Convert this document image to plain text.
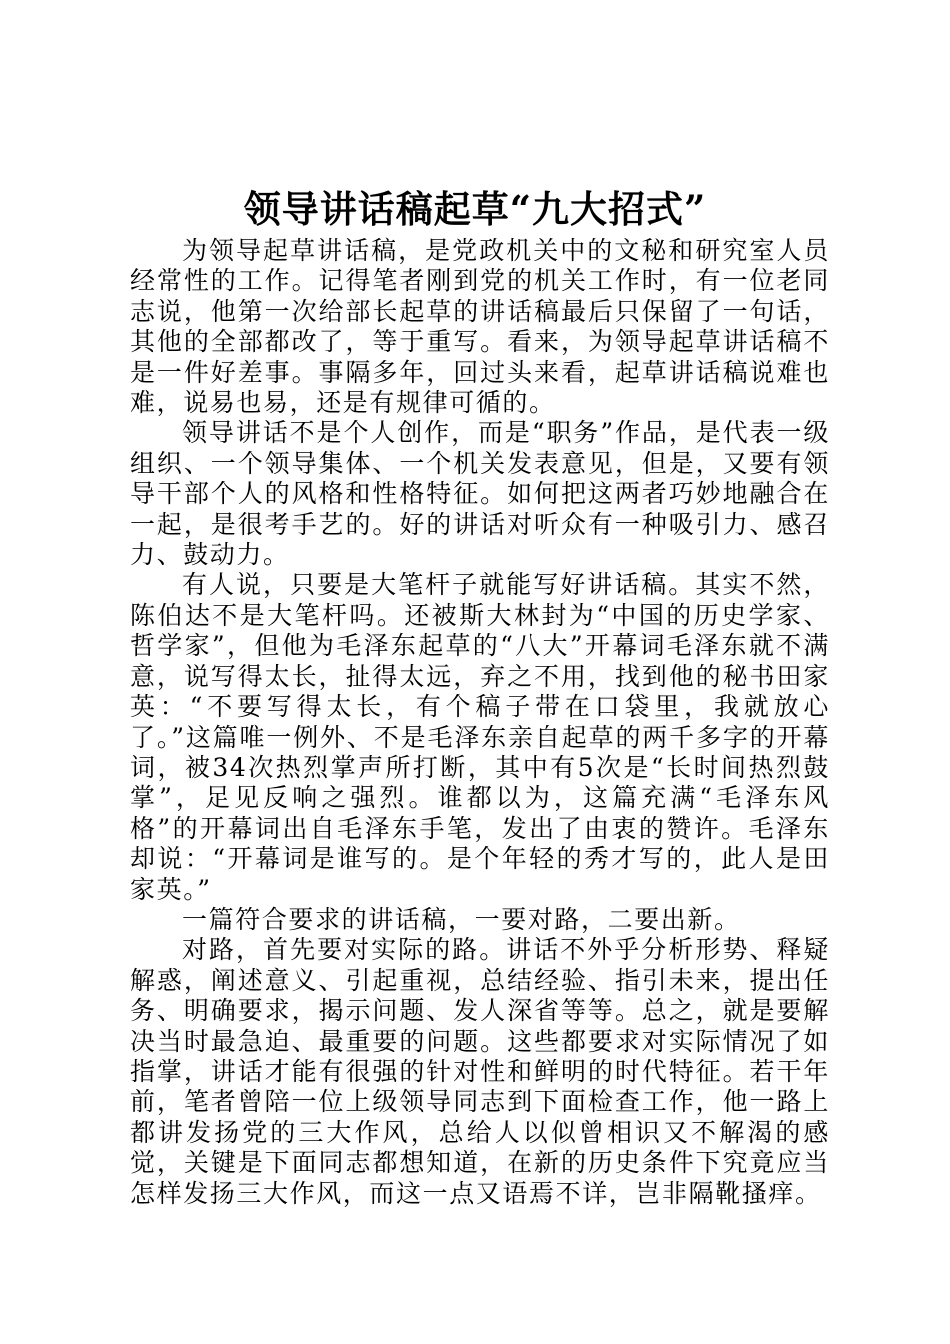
领导讲话稿起草“九大招式”

为领导起草讲话稿，是党政机关中的文秘和研究室人员经常性的工作。记得笔者刚到党的机关工作时，有一位老同志说，他第一次给部长起草的讲话稿最后只保留了一句话，其他的全部都改了，等于重写。看来，为领导起草讲话稿不是一件好差事。事隔多年，回过头来看，起草讲话稿说难也难，说易也易，还是有规律可循的。

领导讲话不是个人创作，而是“职务”作品，是代表一级组织、一个领导集体、一个机关发表意见，但是，又要有领导干部个人的风格和性格特征。如何把这两者巧妙地融合在一起，是很考手艺的。好的讲话对听众有一种吸引力、感召力、鼓动力。

有人说，只要是大笔杆子就能写好讲话稿。其实不然，陈伯达不是大笔杆吗。还被斯大林封为“中国的历史学家、哲学家”，但他为毛泽东起草的“八大”开幕词毛泽东就不满意，说写得太长，扯得太远，弃之不用，找到他的秘书田家英：“不要写得太长，有个稿子带在口袋里，我就放心了。”这篇唯一例外、不是毛泽东亲自起草的两千多字的开幕词，被34次热烈掌声所打断，其中有5次是“长时间热烈鼓掌”，足见反响之强烈。谁都以为，这篇充满“毛泽东风格”的开幕词出自毛泽东手笔，发出了由衷的赞许。毛泽东却说：“开幕词是谁写的。是个年轻的秀才写的，此人是田家英。”

一篇符合要求的讲话稿，一要对路，二要出新。

对路，首先要对实际的路。讲话不外乎分析形势、释疑解惑，阐述意义、引起重视，总结经验、指引未来，提出任务、明确要求，揭示问题、发人深省等等。总之，就是要解决当时最急迫、最重要的问题。这些都要求对实际情况了如指掌，讲话才能有很强的针对性和鲜明的时代特征。若干年前，笔者曾陪一位上级领导同志到下面检查工作，他一路上都讲发扬党的三大作风，总给人以似曾相识又不解渴的感觉，关键是下面同志都想知道，在新的历史条件下究竟应当怎样发扬三大作风，而这一点又语焉不详，岂非隔靴搔痒。
